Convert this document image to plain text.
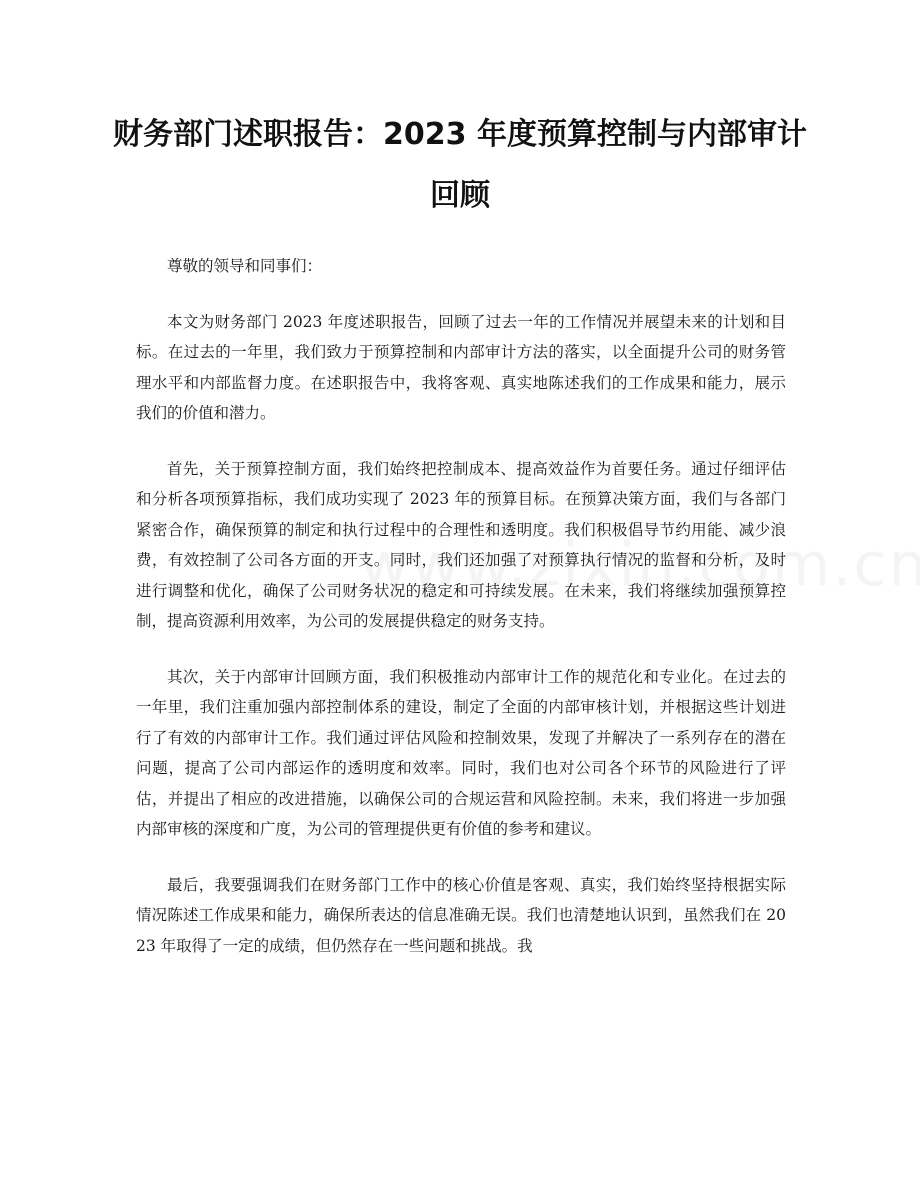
财务部门述职报告：2023 年度预算控制与内部审计回顾

尊敬的领导和同事们：

本文为财务部门 2023 年度述职报告，回顾了过去一年的工作情况并展望未来的计划和目标。在过去的一年里，我们致力于预算控制和内部审计方法的落实，以全面提升公司的财务管理水平和内部监督力度。在述职报告中，我将客观、真实地陈述我们的工作成果和能力，展示我们的价值和潜力。

首先，关于预算控制方面，我们始终把控制成本、提高效益作为首要任务。通过仔细评估和分析各项预算指标，我们成功实现了 2023 年的预算目标。在预算决策方面，我们与各部门紧密合作，确保预算的制定和执行过程中的合理性和透明度。我们积极倡导节约用能、减少浪费，有效控制了公司各方面的开支。同时，我们还加强了对预算执行情况的监督和分析，及时进行调整和优化，确保了公司财务状况的稳定和可持续发展。在未来，我们将继续加强预算控制，提高资源利用效率，为公司的发展提供稳定的财务支持。

其次，关于内部审计回顾方面，我们积极推动内部审计工作的规范化和专业化。在过去的一年里，我们注重加强内部控制体系的建设，制定了全面的内部审核计划，并根据这些计划进行了有效的内部审计工作。我们通过评估风险和控制效果，发现了并解决了一系列存在的潜在问题，提高了公司内部运作的透明度和效率。同时，我们也对公司各个环节的风险进行了评估，并提出了相应的改进措施，以确保公司的合规运营和风险控制。未来，我们将进一步加强内部审核的深度和广度，为公司的管理提供更有价值的参考和建议。

最后，我要强调我们在财务部门工作中的核心价值是客观、真实，我们始终坚持根据实际情况陈述工作成果和能力，确保所表达的信息准确无误。我们也清楚地认识到，虽然我们在 2023 年取得了一定的成绩，但仍然存在一些问题和挑战。我
